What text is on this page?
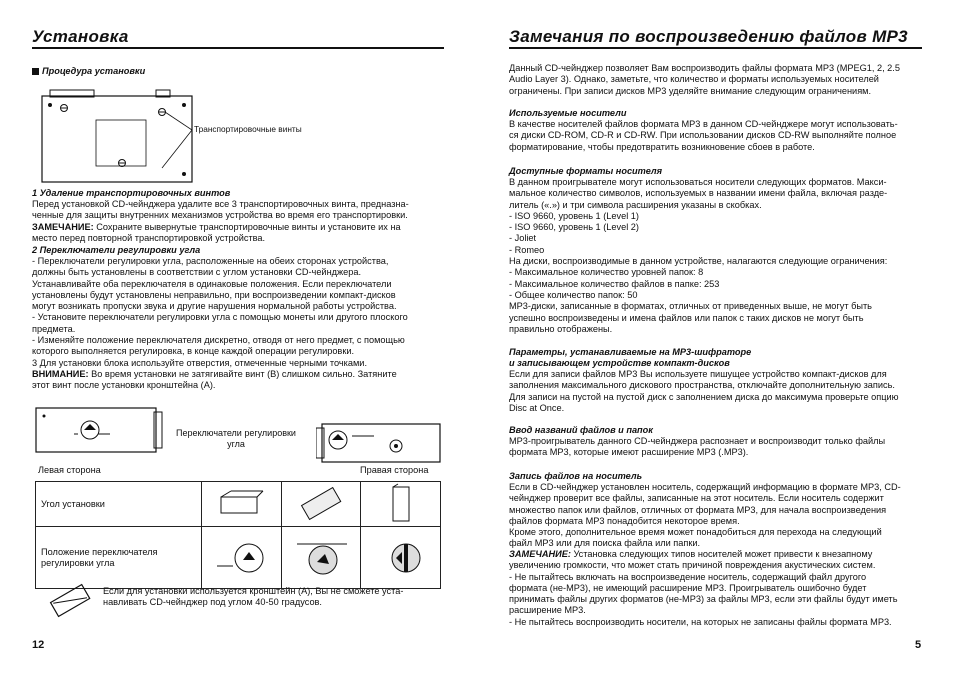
Установка
Процедура установки
Транспортировочные винты
1 Удаление транспортировочных винтов
Перед установкой CD-чейнджера удалите все 3 транспортировочных винта, предназна-
ченные для защиты внутренних механизмов устройства во время его транспортировки.
ЗАМЕЧАНИЕ: Сохраните вывернутые транспортировочные винты и установите их на
место перед повторной транспортировкой устройства.
2 Переключатели регулировки угла
- Переключатели регулировки угла, расположенные на обеих сторонах устройства,
должны быть установлены в соответствии с углом установки CD-чейнджера.
Устанавливайте оба переключателя в одинаковые положения. Если переключатели
установлены будут установлены неправильно, при воспроизведении компакт-дисков
могут возникать пропуски звука и другие нарушения нормальной работы устройства.
- Установите переключатели регулировки угла с помощью монеты или другого плоского
предмета.
- Изменяйте положение переключателя дискретно, отводя от него предмет, с помощью
которого выполняется регулировка, в конце каждой операции регулировки.
3 Для установки блока используйте отверстия, отмеченные черными точками.
ВНИМАНИЕ: Во время установки не затягивайте винт (B) слишком сильно. Затяните
этот винт после установки кронштейна (A).
Переключатели регулировки
угла
Левая сторона	Правая сторона
Угол установки			
Положение переключателя
регулировки угла			
Если для установки используется кронштейн (A), Вы не сможете уста-
навливать CD-чейнджер под углом 40-50 градусов.
12
Замечания по воспроизведению файлов MP3
Данный CD-чейнджер позволяет Вам воспроизводить файлы формата MP3 (MPEG1, 2, 2.5
Audio Layer 3). Однако, заметьте, что количество и форматы используемых носителей
ограничены. При записи дисков MP3 уделяйте внимание следующим ограничениям.
Используемые носители
В качестве носителей файлов формата MP3 в данном CD-чейнджере могут использовать-
ся диски CD-ROM, CD-R и CD-RW. При использовании дисков CD-RW выполняйте полное
форматирование, чтобы предотвратить возникновение сбоев в работе.
Доступные форматы носителя
В данном проигрывателе могут использоваться носители следующих форматов. Макси-
мальное количество символов, используемых в названии имени файла, включая разде-
литель («.») и три символа расширения указаны в скобках.
- ISO 9660, уровень 1 (Level 1)
- ISO 9660, уровень 1 (Level 2)
- Joliet
- Romeo
На диски, воспроизводимые в данном устройстве, налагаются следующие ограничения:
- Максимальное количество уровней папок: 8
- Максимальное количество файлов в папке: 253
- Общее количество папок: 50
MP3-диски, записанные в форматах, отличных от приведенных выше, не могут быть
успешно воспроизведены и имена файлов или папок с таких дисков не могут быть
правильно отображены.
Параметры, устанавливаемые на MP3-шифраторе
и записывающем устройстве компакт-дисков
Если для записи файлов MP3 Вы используете пишущее устройство компакт-дисков для
заполнения максимального дискового пространства, отключайте дополнительную запись.
Для записи на пустой на пустой диск с заполнением диска до максимума проверьте опцию
Disc at Once.
Ввод названий файлов и папок
MP3-проигрыватель данного CD-чейнджера распознает и воспроизводит только файлы
формата MP3, которые имеют расширение MP3 (.MP3).
Запись файлов на носитель
Если в CD-чейнджер установлен носитель, содержащий информацию в формате MP3, CD-
чейнджер проверит все файлы, записанные на этот носитель. Если носитель содержит
множество папок или файлов, отличных от формата MP3, для начала воспроизведения
файлов формата MP3 понадобится некоторое время.
Кроме этого, дополнительное время может понадобиться для перехода на следующий
файл MP3 или для поиска файла или папки.
ЗАМЕЧАНИЕ: Установка следующих типов носителей может привести к внезапному
увеличению громкости, что может стать причиной повреждения акустических систем.
- Не пытайтесь включать на воспроизведение носитель, содержащий файл другого
формата (не-MP3), не имеющий расширение MP3. Проигрыватель ошибочно будет
принимать файлы других форматов (не-MP3) за файлы MP3, если эти файлы будут иметь
расширение MP3.
- Не пытайтесь воспроизводить носители, на которых не записаны файлы формата MP3.
5
